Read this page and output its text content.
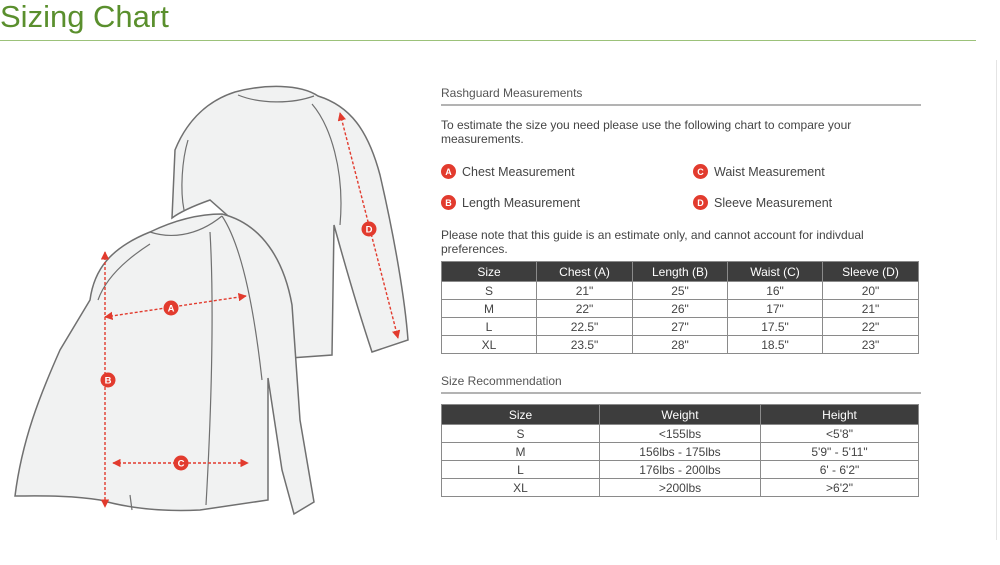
Sizing Chart
A
B
C
D
Rashguard Measurements
To estimate the size you need please use the following chart to compare your measurements.
A Chest Measurement	C Waist Measurement
B Length Measurement	D Sleeve Measurement
Please note that this guide is an estimate only, and cannot account for indivdual preferences.
Size	Chest (A)	Length (B)	Waist (C)	Sleeve (D)
S	21"	25"	16"	20"
M	22"	26"	17"	21"
L	22.5"	27"	17.5"	22"
XL	23.5"	28"	18.5"	23"
Size Recommendation
Size	Weight	Height
S	<155lbs	<5'8"
M	156lbs - 175lbs	5'9" - 5'11"
L	176lbs - 200lbs	6' - 6'2"
XL	>200lbs	>6'2"
